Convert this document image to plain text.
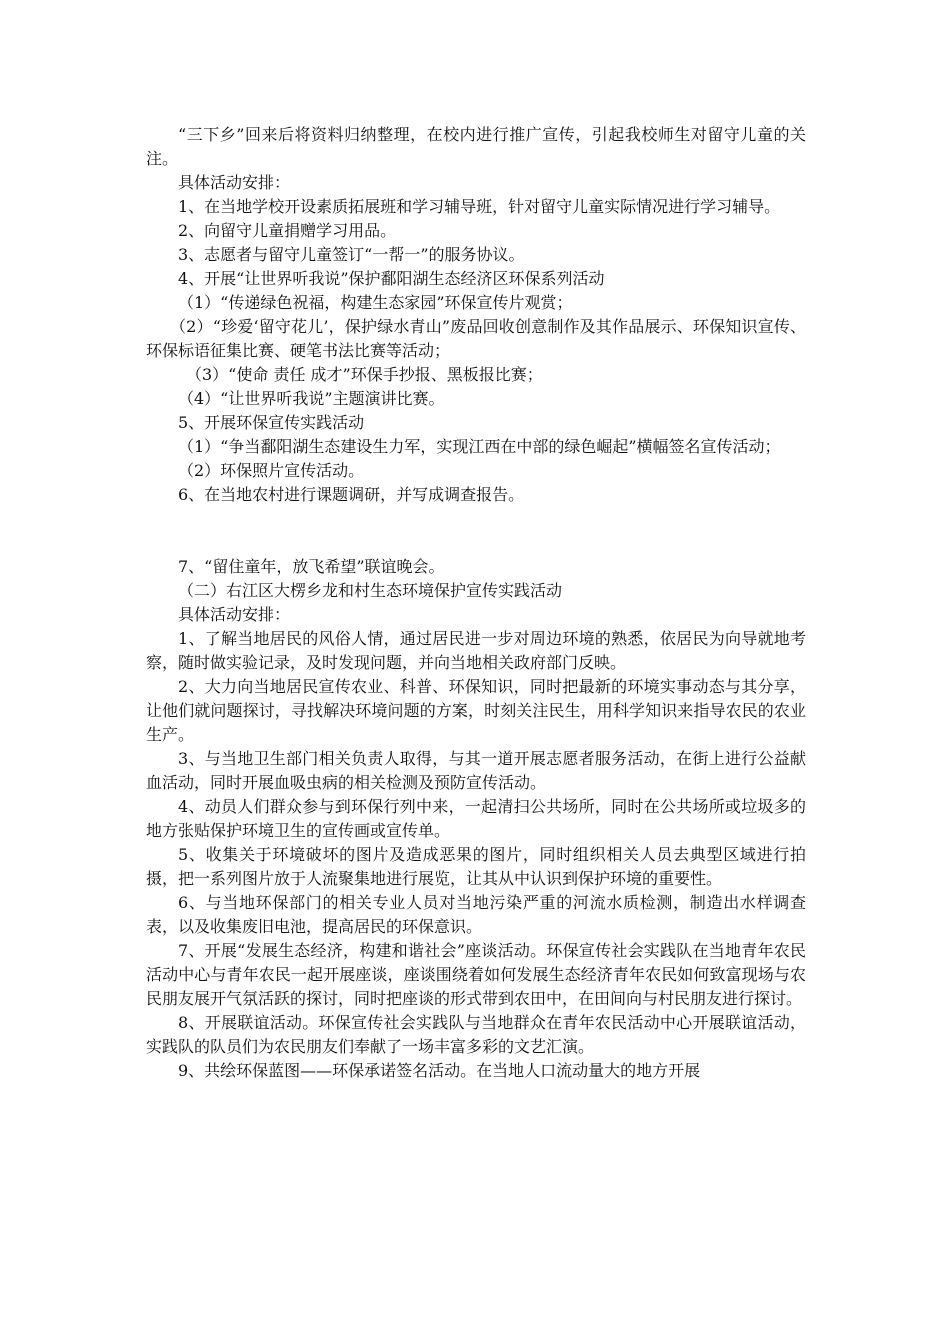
“三下乡”回来后将资料归纳整理，在校内进行推广宣传，引起我校师生对留守儿童的关注。

具体活动安排：

1、在当地学校开设素质拓展班和学习辅导班，针对留守儿童实际情况进行学习辅导。

2、向留守儿童捐赠学习用品。

3、志愿者与留守儿童签订“一帮一”的服务协议。

4、开展“让世界听我说”保护鄱阳湖生态经济区环保系列活动

（1）“传递绿色祝福，构建生态家园”环保宣传片观赏；

（2）“珍爱‘留守花儿’，保护绿水青山”废品回收创意制作及其作品展示、环保知识宣传、环保标语征集比赛、硬笔书法比赛等活动；

（3）“使命 责任 成才”环保手抄报、黑板报比赛；

（4）“让世界听我说”主题演讲比赛。

5、开展环保宣传实践活动

（1）“争当鄱阳湖生态建设生力军，实现江西在中部的绿色崛起”横幅签名宣传活动；

（2）环保照片宣传活动。

6、在当地农村进行课题调研，并写成调查报告。

7、“留住童年，放飞希望”联谊晚会。

（二）右江区大楞乡龙和村生态环境保护宣传实践活动

具体活动安排：

1、了解当地居民的风俗人情，通过居民进一步对周边环境的熟悉，依居民为向导就地考察，随时做实验记录，及时发现问题，并向当地相关政府部门反映。

2、大力向当地居民宣传农业、科普、环保知识，同时把最新的环境实事动态与其分享，让他们就问题探讨，寻找解决环境问题的方案，时刻关注民生，用科学知识来指导农民的农业生产。

3、与当地卫生部门相关负责人取得，与其一道开展志愿者服务活动，在街上进行公益献血活动，同时开展血吸虫病的相关检测及预防宣传活动。

4、动员人们群众参与到环保行列中来，一起清扫公共场所，同时在公共场所或垃圾多的地方张贴保护环境卫生的宣传画或宣传单。

5、收集关于环境破坏的图片及造成恶果的图片，同时组织相关人员去典型区域进行拍摄，把一系列图片放于人流聚集地进行展览，让其从中认识到保护环境的重要性。

6、与当地环保部门的相关专业人员对当地污染严重的河流水质检测，制造出水样调查表，以及收集废旧电池，提高居民的环保意识。

7、开展“发展生态经济，构建和谐社会”座谈活动。环保宣传社会实践队在当地青年农民活动中心与青年农民一起开展座谈，座谈围绕着如何发展生态经济青年农民如何致富现场与农民朋友展开气氛活跃的探讨，同时把座谈的形式带到农田中，在田间向与村民朋友进行探讨。

8、开展联谊活动。环保宣传社会实践队与当地群众在青年农民活动中心开展联谊活动，实践队的队员们为农民朋友们奉献了一场丰富多彩的文艺汇演。

9、共绘环保蓝图——环保承诺签名活动。在当地人口流动量大的地方开展
